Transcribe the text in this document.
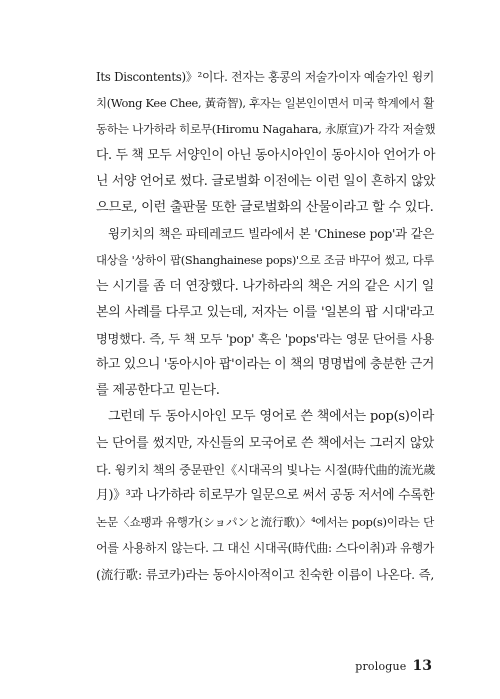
Its Discontents)》²이다. 전자는 홍콩의 저술가이자 예술가인 윙키
치(Wong Kee Chee, 黃奇智), 후자는 일본인이면서 미국 학계에서 활
동하는 나가하라 히로무(Hiromu Nagahara, 永原宣)가 각각 저술했
다. 두 책 모두 서양인이 아닌 동아시아인이 동아시아 언어가 아
닌 서양 언어로 썼다. 글로벌화 이전에는 이런 일이 흔하지 않았
으므로, 이런 출판물 또한 글로벌화의 산물이라고 할 수 있다.
윙키치의 책은 파테레코드 빌라에서 본 'Chinese pop'과 같은
대상을 '상하이 팝(Shanghainese pops)'으로 조금 바꾸어 썼고, 다루
는 시기를 좀 더 연장했다. 나가하라의 책은 거의 같은 시기 일
본의 사례를 다루고 있는데, 저자는 이를 '일본의 팝 시대'라고
명명했다. 즉, 두 책 모두 'pop' 혹은 'pops'라는 영문 단어를 사용
하고 있으니 '동아시아 팝'이라는 이 책의 명명법에 충분한 근거
를 제공한다고 믿는다.
그런데 두 동아시아인 모두 영어로 쓴 책에서는 pop(s)이라
는 단어를 썼지만, 자신들의 모국어로 쓴 책에서는 그러지 않았
다. 윙키치 책의 중문판인《시대곡의 빛나는 시절(時代曲的流光歲
月)》³과 나가하라 히로무가 일문으로 써서 공동 저서에 수록한
논문〈쇼팽과 유행가(ショパンと流行歌)〉⁴에서는 pop(s)이라는 단
어를 사용하지 않는다. 그 대신 시대곡(時代曲: 스다이취)과 유행가
(流行歌: 류코카)라는 동아시아적이고 친숙한 이름이 나온다. 즉,
prologue 13
